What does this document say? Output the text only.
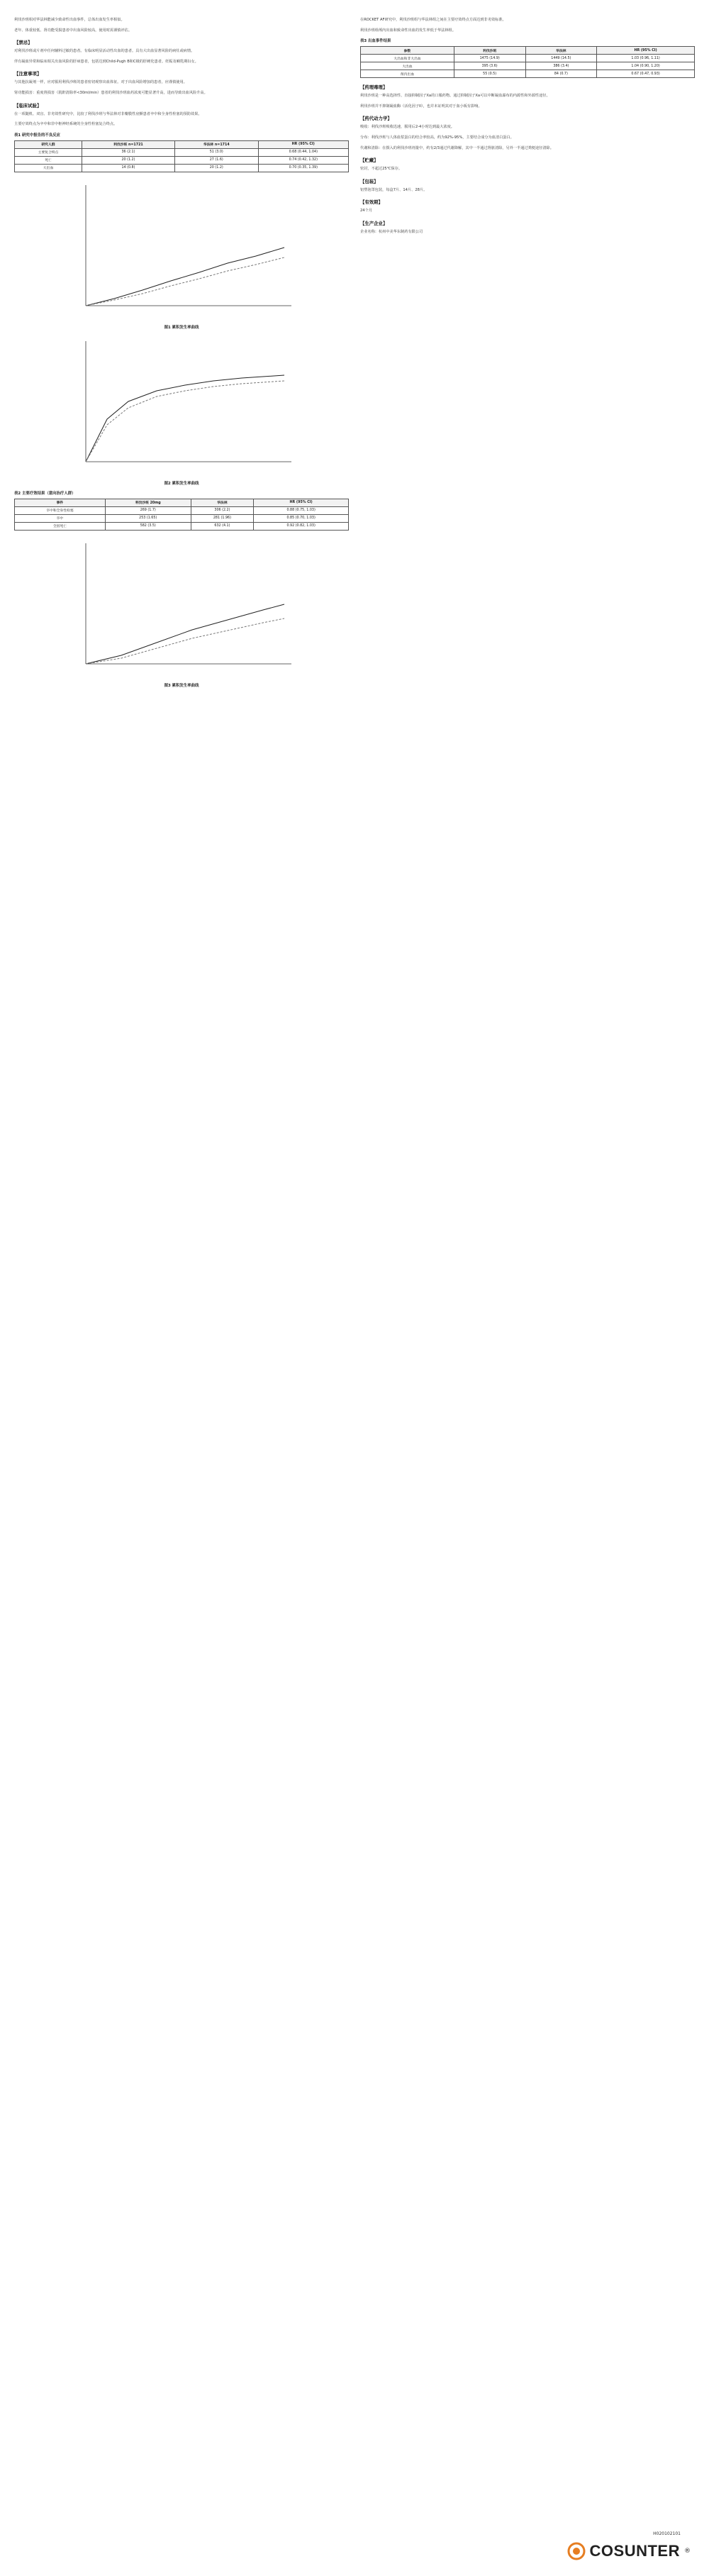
利伐沙班相对华法林能减少致命性出血事件，总体出血发生率相似。

老年、体重较低、肾功能受损患者中出血风险较高，使用时需谨慎评估。

【禁忌】

对利伐沙班或片剂中任何辅料过敏的患者。有临床明显活动性出血的患者。具有大出血显著风险的病灶或病情。

伴有凝血异常和临床相关出血风险的肝病患者，包括达到Child-Pugh B和C级的肝硬化患者。妊娠及哺乳期妇女。

【注意事项】

与其他抗凝剂一样，应对服用利伐沙班的患者密切观察出血体征。对于出血风险增加的患者，应谨慎使用。

肾功能损害：重度肾损害（肌酐清除率<30ml/min）患者的利伐沙班血药浓度可能显著升高，进而导致出血风险升高。

【临床试验】

在一项随机、双盲、非劣效性研究中，比较了利伐沙班与华法林对非瓣膜性房颤患者卒中和全身性栓塞的预防效果。

主要疗效终点为卒中和非中枢神经系统的全身性栓塞复合终点。

表1 研究中报告的不良反应
研究人群	利伐沙班 n=1721	华法林 n=1714	HR (95% CI)
主要复合终点	36 (2.1)	51 (3.0)	0.68 (0.44, 1.04)
死亡	20 (1.2)	27 (1.6)	0.74 (0.42, 1.32)
大出血	14 (0.8)	20 (1.2)	0.70 (0.35, 1.39)
图1 累积发生率曲线
图2 累积发生率曲线
表2 主要疗效结果（意向治疗人群）
事件	利伐沙班 20mg	华法林	HR (95% CI)
卒中和全身性栓塞	269 (1.7)	306 (2.2)	0.88 (0.75, 1.03)
卒中	253 (1.65)	281 (1.96)	0.85 (0.70, 1.03)
全因死亡	582 (3.5)	632 (4.1)	0.92 (0.82, 1.03)
图3 累积发生率曲线

在ROCKET AF研究中，利伐沙班组与华法林组之间在主要疗效终点方面达到非劣效标准。

利伐沙班组颅内出血和致命性出血的发生率低于华法林组。

表3 出血事件结果
参数	利伐沙班	华法林	HR (95% CI)
大出血和非大出血	1475 (14.9)	1449 (14.5)	1.03 (0.96, 1.11)
大出血	395 (3.6)	386 (3.4)	1.04 (0.90, 1.20)
颅内出血	55 (0.5)	84 (0.7)	0.67 (0.47, 0.93)
【药理毒理】

利伐沙班是一种高选择性、直接抑制因子Xa的口服药物。通过抑制因子Xa可以中断凝血瀑布的内源性和外源性途径。

利伐沙班并不抑制凝血酶（活化因子II），也并未证明其对于血小板有影响。

【药代动力学】

吸收：利伐沙班吸收迅速，服用后2-4小时达到最大浓度。

分布：利伐沙班与人体血浆蛋白的结合率较高，约为92%-95%，主要结合成分为血清白蛋白。

代谢和清除：在摄入的利伐沙班剂量中，约有2/3通过代谢降解，其中一半通过肾脏清除，另外一半通过粪便途径清除。

【贮藏】

密封，不超过25℃保存。

【包装】

铝塑泡罩包装，每盒7片、14片、28片。

【有效期】

24个月

【生产企业】

企业名称：杭州中美华东制药有限公司

H020102101
COSUNTER ®
